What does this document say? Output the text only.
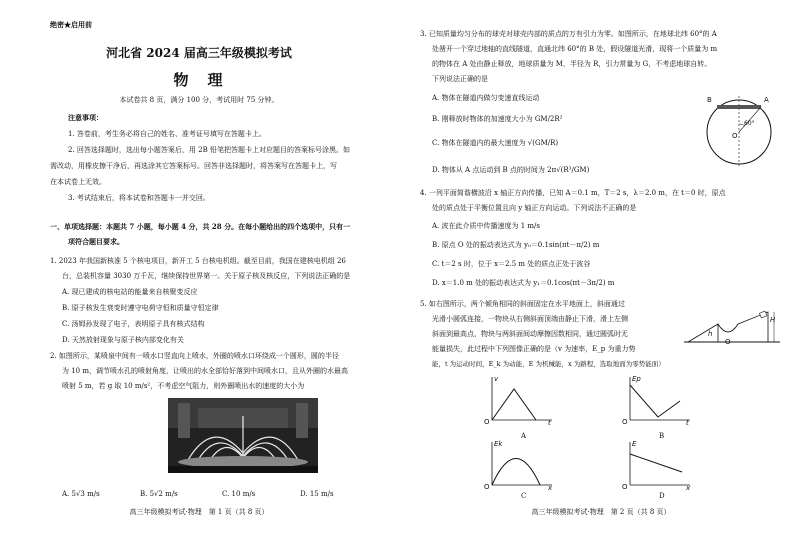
绝密★启用前
河北省 2024 届高三年级模拟考试
物　理
本试卷共 8 页，满分 100 分，考试用时 75 分钟。
注意事项：
1. 答卷前，考生务必将自己的姓名、准考证号填写在答题卡上。
2. 回答选择题时，选出每小题答案后，用 2B 铅笔把答题卡上对应题目的答案标号涂黑。如
需改动，用橡皮擦干净后，再选涂其它答案标号。回答非选择题时，将答案写在答题卡上，写
在本试卷上无效。
3. 考试结束后，将本试卷和答题卡一并交回。
一、单项选择题：本题共 7 小题，每小题 4 分，共 28 分。在每小题给出的四个选项中，只有一
项符合题目要求。
1. 2023 年我国新核准 5 个核电项目，新开工 5 台核电机组。截至目前，我国在建核电机组 26
台，总装机容量 3030 万千瓦，继续保持世界第一。关于原子核及核反应，下列说法正确的是
A. 现已建成的核电站的能量来自核聚变反应
B. 原子核发生衰变时遵守电荷守恒和质量守恒定律
C. 汤姆孙发现了电子，表明原子具有核式结构
D. 天然放射现象与原子核内部变化有关
2. 如图所示，某喷泉中间有一喷水口竖直向上喷水，外圈的喷水口环绕成一个圆形，圆的半径
为 10 m，调节喷水孔的喷射角度，让喷出的水全部恰好落到中间喷水口，且从外圈的水最高
喷射 5 m，若 g 取 10 m/s²，不考虑空气阻力，则外圈喷出水的速度的大小为
A. 5√3 m/s	B. 5√2 m/s	C. 10 m/s	D. 15 m/s
高三年级模拟考试·物理　第 1 页（共 8 页）
3. 已知质量均匀分布的球壳对球壳内部的质点的万有引力为零。如图所示，在地球北纬 60°的 A
处凿开一个穿过地轴的直线隧道，直通北纬 60°的 B 处，假设隧道光滑，现将一个质量为 m
的物体在 A 处由静止释放，地球质量为 M，半径为 R，引力常量为 G，不考虑地球自转。
下列说法正确的是
A. 物体在隧道内做匀变速直线运动
B. 刚释放时物体的加速度大小为 GM/2R²
C. 物体在隧道内的最大速度为 √(GM/R)
D. 物体从 A 点运动到 B 点的时间为 2π√(R³/GM)
B	A
O
60°
4. 一列平面简谐横波沿 x 轴正方向传播，已知 A＝0.1 m，T＝2 s，λ＝2.0 m，在 t＝0 时，原点
处的质点处于平衡位置且向 y 轴正方向运动。下列说法不正确的是
A. 波在此介质中传播速度为 1 m/s
B. 原点 O 处的振动表达式为 y₀＝0.1sin(πt－π/2) m
C. t＝2 s 时，位于 x＝2.5 m 处的质点正处于波谷
D. x＝1.0 m 处的振动表达式为 y₁＝0.1cos(πt－3π/2) m
5. 如右图所示，两个倾角相同的斜面固定在水平地面上，斜面通过
光滑小圆弧连接，一物块从右侧斜面顶端由静止下滑，滑上左侧
斜面到最高点，物块与两斜面间动摩擦因数相同，通过圆弧时无
能量损失，此过程中下列图像正确的是（v 为速率，E_p 为重力势
能，t 为运动时间，E_k 为动能，E 为机械能，x 为路程，选取地面为零势能面）
H
O
h
v
t
O
A
Ep
t
O
B
Ek
x
O
C
E
x
O
D
高三年级模拟考试·物理　第 2 页（共 8 页）
